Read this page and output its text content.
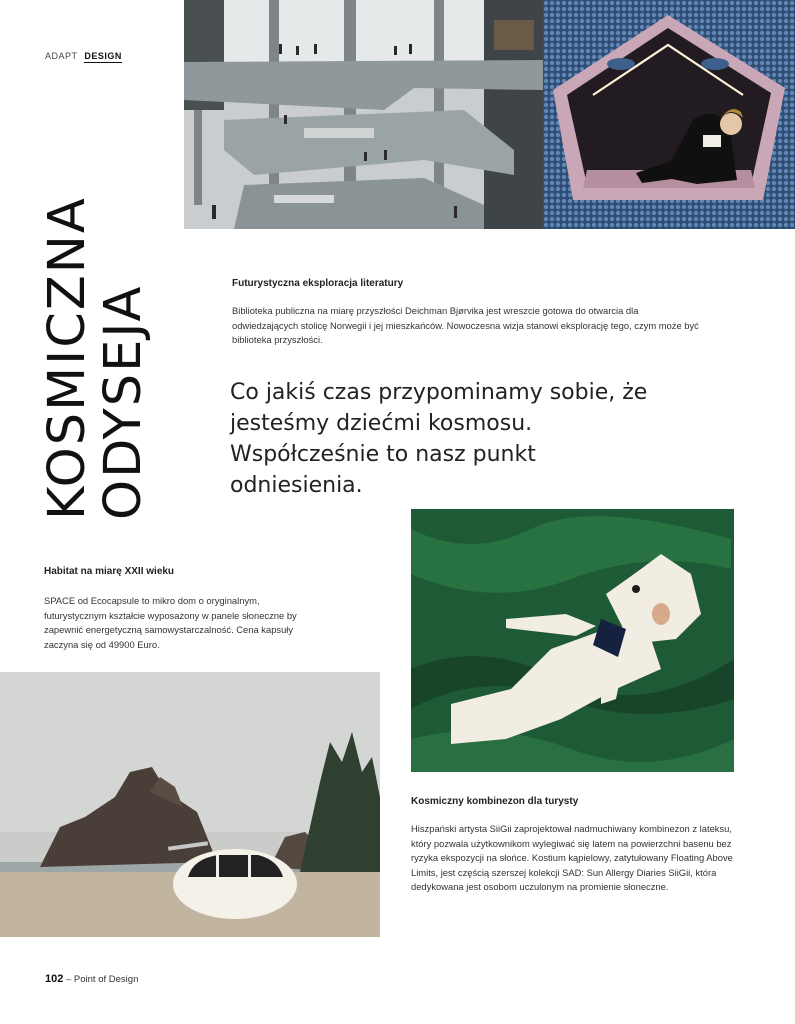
ADAPT DESIGN
KOSMICZNA
ODYSEJA
Futurystyczna eksploracja literatury
Biblioteka publiczna na miarę przyszłości Deichman Bjørvika jest wreszcie gotowa do otwarcia dla odwiedzających stolicę Norwegii i jej mieszkańców. Nowoczesna wizja stanowi eksplorację tego, czym może być biblioteka przyszłości.
Co jakiś czas przypominamy sobie, że jesteśmy dziećmi kosmosu. Współcześnie to nasz punkt odniesienia.
Habitat na miarę XXII wieku
SPACE od Ecocapsule to mikro dom o oryginalnym, futurystycznym kształcie wyposażony w panele słoneczne by zapewnić energetyczną samowystarczalność. Cena kapsuły zaczyna się od 49900 Euro.
Kosmiczny kombinezon dla turysty
Hiszpański artysta SiiGii zaprojektował nadmuchiwany kombinezon z lateksu, który pozwala użytkownikom wylegiwać się latem na powierzchni basenu bez ryzyka ekspozycji na słońce. Kostium kąpielowy, zatytułowany Floating Above Limits, jest częścią szerszej kolekcji SAD: Sun Allergy Diaries SiiGii, która dedykowana jest osobom uczulonym na promienie słoneczne.
102 – Point of Design
